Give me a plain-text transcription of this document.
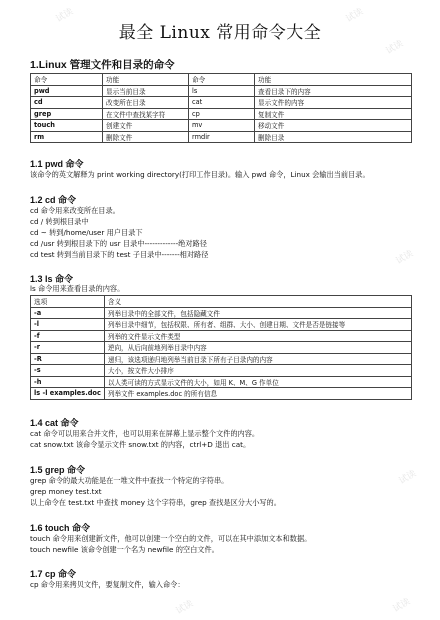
最全 Linux 常用命令大全
1.Linux 管理文件和目录的命令
命令	功能	命令	功能
pwd	显示当前目录	ls	查看目录下的内容
cd	改变所在目录	cat	显示文件的内容
grep	在文件中查找某字符	cp	复制文件
touch	创建文件	mv	移动文件
rm	删除文件	rmdir	删除目录
1.1 pwd 命令
该命令的英文解释为 print working directory(打印工作目录)。输入 pwd 命令，Linux 会输出当前目录。
1.2 cd 命令
cd 命令用来改变所在目录。
cd / 转到根目录中
cd ~ 转到/home/user 用户目录下
cd /usr 转到根目录下的 usr 目录中-------------绝对路径
cd test 转到当前目录下的 test 子目录中-------相对路径
1.3 ls 命令
ls 命令用来查看目录的内容。
选项	含义
-a	列举目录中的全部文件，包括隐藏文件
-l	列举目录中细节，包括权限、所有者、组群、大小、创建日期、文件是否是链接等
-f	列举的文件显示文件类型
-r	逆向，从后向前地列举目录中内容
-R	递归，该选项递归地列举当前目录下所有子目录内的内容
-s	大小，按文件大小排序
-h	以人类可读的方式显示文件的大小，如用 K、M、G 作单位
ls -l examples.doc	列举文件 examples.doc 的所有信息
1.4 cat 命令
cat 命令可以用来合并文件，也可以用来在屏幕上显示整个文件的内容。
cat snow.txt 该命令显示文件 snow.txt 的内容，ctrl+D 退出 cat。
1.5 grep 命令
grep 命令的最大功能是在一堆文件中查找一个特定的字符串。
grep money test.txt
以上命令在 test.txt 中查找 money 这个字符串，grep 查找是区分大小写的。
1.6 touch 命令
touch 命令用来创建新文件，他可以创建一个空白的文件，可以在其中添加文本和数据。
touch newfile 该命令创建一个名为 newfile 的空白文件。
1.7 cp 命令
cp 命令用来拷贝文件，要复制文件，输入命令：
试读	试读
试读
试读
试读
试读	试读
